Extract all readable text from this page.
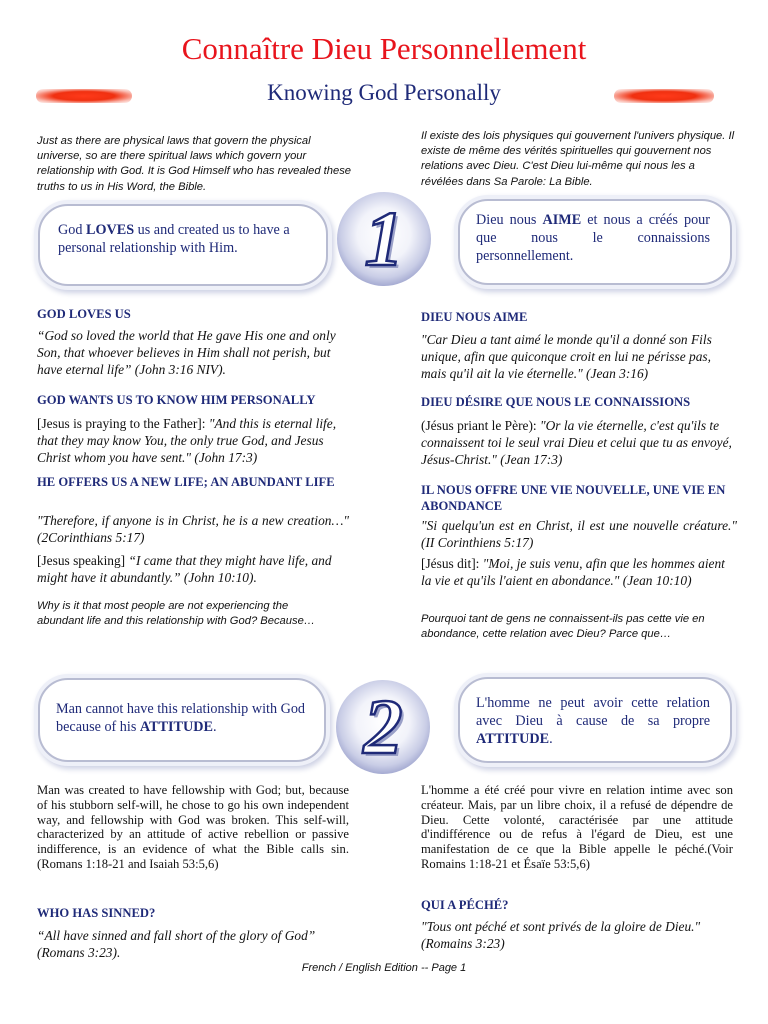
Connaître Dieu Personnellement
Knowing God Personally
Just as there are physical laws that govern the physical universe, so are there spiritual laws which govern your relationship with God. It is God Himself who has revealed these truths to us in His Word, the Bible.
Il existe des lois physiques qui gouvernent l'univers physique. Il existe de même des vérités spirituelles qui gouvernent nos relations avec Dieu. C'est Dieu lui-même qui nous les a révélées dans Sa Parole: La Bible.

God LOVES us and created us to have a personal relationship with Him.	1	Dieu nous AIME et nous a créés pour que nous le connaissions personnellement.

GOD LOVES US
“God so loved the world that He gave His one and only Son, that whoever believes in Him shall not perish, but have eternal life” (John 3:16 NIV).
GOD WANTS US TO KNOW HIM PERSONALLY
[Jesus is praying to the Father]: "And this is eternal life, that they may know You, the only true God, and Jesus Christ whom you have sent." (John 17:3)
HE OFFERS US A NEW LIFE; AN ABUNDANT LIFE
"Therefore, if anyone is in Christ, he is a new creation…" (2Corinthians 5:17)
[Jesus speaking] “I came that they might have life, and might have it abundantly.” (John 10:10).
Why is it that most people are not experiencing the abundant life and this relationship with God? Because…
DIEU NOUS AIME
"Car Dieu a tant aimé le monde qu'il a donné son Fils unique, afin que quiconque croit en lui ne périsse pas, mais qu'il ait la vie éternelle." (Jean 3:16)
DIEU DÉSIRE QUE NOUS LE CONNAISSIONS
(Jésus priant le Père): "Or la vie éternelle, c'est qu'ils te connaissent toi le seul vrai Dieu et celui que tu as envoyé, Jésus-Christ." (Jean 17:3)
IL NOUS OFFRE UNE VIE NOUVELLE, UNE VIE EN ABONDANCE
"Si quelqu'un est en Christ, il est une nouvelle créature." (II Corinthiens 5:17)
[Jésus dit]: "Moi, je suis venu, afin que les hommes aient la vie et qu'ils l'aient en abondance." (Jean 10:10)
Pourquoi tant de gens ne connaissent-ils pas cette vie en abondance, cette relation avec Dieu? Parce que…

Man cannot have this relationship with God because of his ATTITUDE.	2	L'homme ne peut avoir cette relation avec Dieu à cause de sa propre ATTITUDE.

Man was created to have fellowship with God; but, because of his stubborn self-will, he chose to go his own independent way, and fellowship with God was broken. This self-will, characterized by an attitude of active rebellion or passive indifference, is an evidence of what the Bible calls sin. (Romans 1:18-21 and Isaiah 53:5,6)
L'homme a été créé pour vivre en relation intime avec son créateur. Mais, par un libre choix, il a refusé de dépendre de Dieu. Cette volonté, caractérisée par une attitude d'indifférence ou de refus à l'égard de Dieu, est une manifestation de ce que la Bible appelle le péché.(Voir Romains 1:18-21 et Ésaïe 53:5,6)
WHO HAS SINNED?
“All have sinned and fall short of the glory of God” (Romans 3:23).
QUI A PÉCHÉ?
"Tous ont péché et sont privés de la gloire de Dieu." (Romains 3:23)
French / English Edition -- Page 1
